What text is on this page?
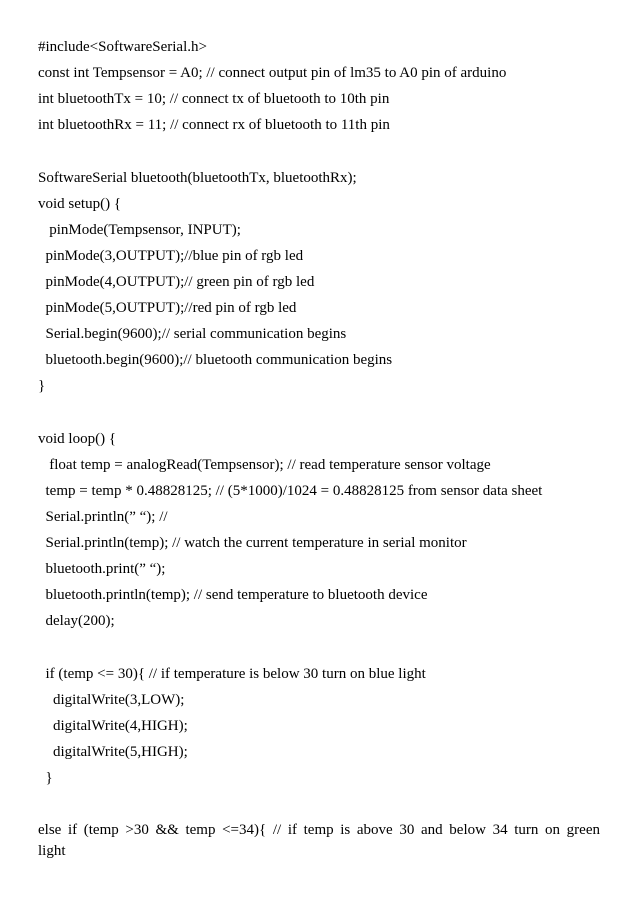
#include<SoftwareSerial.h>
const int Tempsensor = A0; // connect output pin of lm35 to A0 pin of arduino
int bluetoothTx = 10; // connect tx of bluetooth to 10th pin
int bluetoothRx = 11; // connect rx of bluetooth to 11th pin
SoftwareSerial bluetooth(bluetoothTx, bluetoothRx);
void setup() {
pinMode(Tempsensor, INPUT);
pinMode(3,OUTPUT);//blue pin of rgb led
pinMode(4,OUTPUT);// green pin of rgb led
pinMode(5,OUTPUT);//red pin of rgb led
Serial.begin(9600);// serial communication begins
bluetooth.begin(9600);// bluetooth communication begins
}
void loop() {
float temp = analogRead(Tempsensor); // read temperature sensor voltage
temp = temp * 0.48828125; // (5*1000)/1024 = 0.48828125 from sensor data sheet
Serial.println(” “); //
Serial.println(temp); // watch the current temperature in serial monitor
bluetooth.print(” “);
bluetooth.println(temp); // send temperature to bluetooth device
delay(200);
if (temp <= 30){ // if temperature is below 30 turn on blue light
digitalWrite(3,LOW);
digitalWrite(4,HIGH);
digitalWrite(5,HIGH);
}
else if (temp >30 && temp <=34){ // if temp is above 30 and below 34 turn on green
light
